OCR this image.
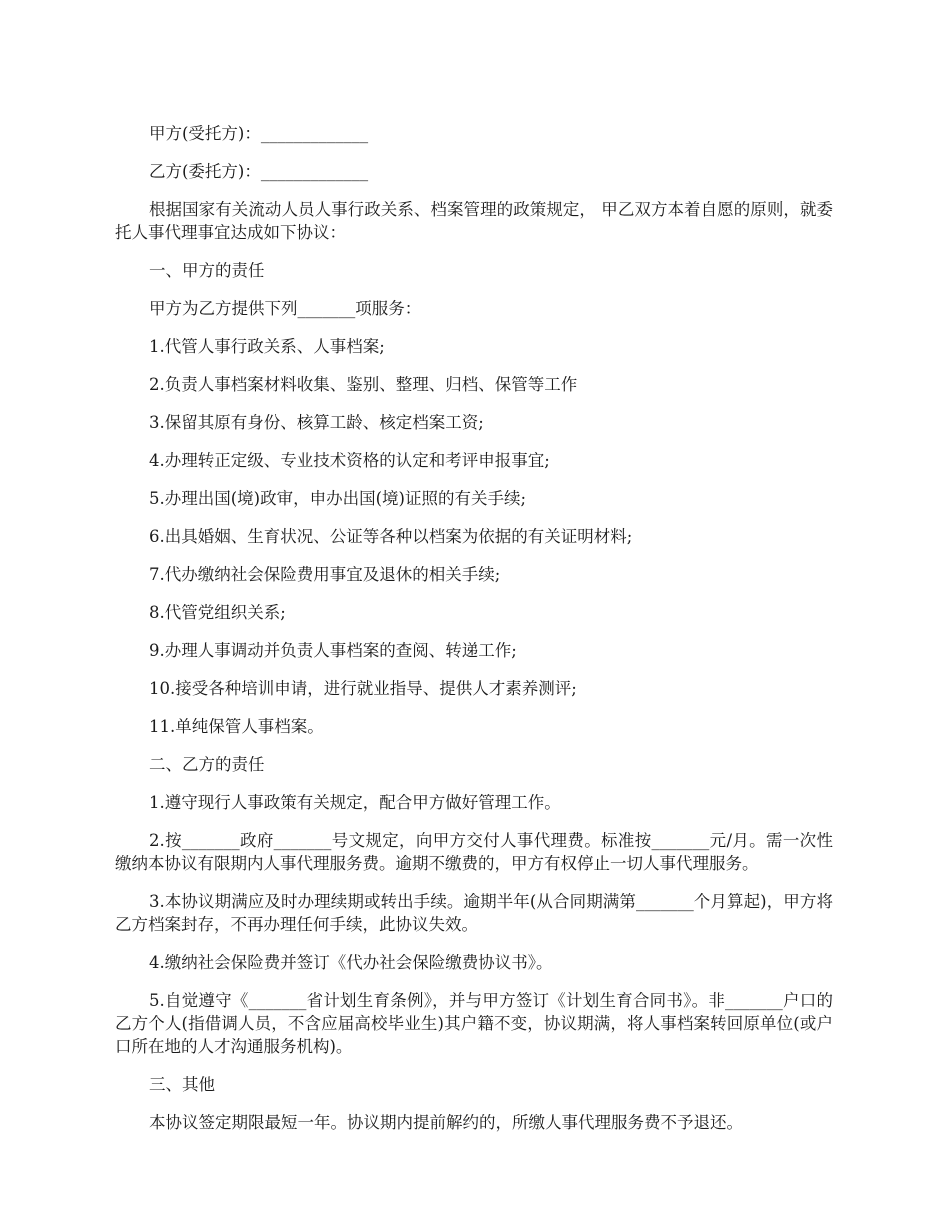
甲方(受托方)：_____________

乙方(委托方)：_____________

根据国家有关流动人员人事行政关系、档案管理的政策规定， 甲乙双方本着自愿的原则，就委托人事代理事宜达成如下协议：

一、甲方的责任

甲方为乙方提供下列_______项服务：

1.代管人事行政关系、人事档案;

2.负责人事档案材料收集、鉴别、整理、归档、保管等工作

3.保留其原有身份、核算工龄、核定档案工资;

4.办理转正定级、专业技术资格的认定和考评申报事宜;

5.办理出国(境)政审，申办出国(境)证照的有关手续;

6.出具婚姻、生育状况、公证等各种以档案为依据的有关证明材料;

7.代办缴纳社会保险费用事宜及退休的相关手续;

8.代管党组织关系;

9.办理人事调动并负责人事档案的查阅、转递工作;

10.接受各种培训申请，进行就业指导、提供人才素养测评;

11.单纯保管人事档案。

二、乙方的责任

1.遵守现行人事政策有关规定，配合甲方做好管理工作。

2.按_______政府_______号文规定，向甲方交付人事代理费。标准按_______元/月。需一次性缴纳本协议有限期内人事代理服务费。逾期不缴费的，甲方有权停止一切人事代理服务。

3.本协议期满应及时办理续期或转出手续。逾期半年(从合同期满第_______个月算起)，甲方将乙方档案封存，不再办理任何手续，此协议失效。

4.缴纳社会保险费并签订《代办社会保险缴费协议书》。

5.自觉遵守《_______省计划生育条例》，并与甲方签订《计划生育合同书》。非_______户口的乙方个人(指借调人员，不含应届高校毕业生)其户籍不变，协议期满，将人事档案转回原单位(或户口所在地的人才沟通服务机构)。

三、其他

本协议签定期限最短一年。协议期内提前解约的，所缴人事代理服务费不予退还。
